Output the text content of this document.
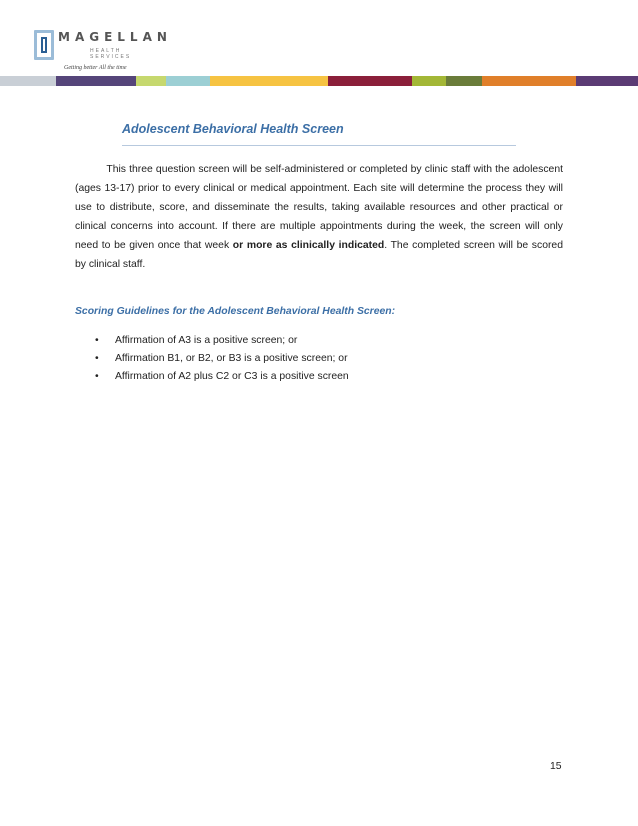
MAGELLAN
HEALTH SERVICES
Getting better All the time
Adolescent Behavioral Health Screen
This three question screen will be self-administered or completed by clinic staff with the adolescent (ages 13-17) prior to every clinical or medical appointment. Each site will determine the process they will use to distribute, score, and disseminate the results, taking available resources and other practical or clinical concerns into account. If there are multiple appointments during the week, the screen will only need to be given once that week or more as clinically indicated. The completed screen will be scored by clinical staff.
Scoring Guidelines for the Adolescent Behavioral Health Screen:
• Affirmation of A3 is a positive screen; or
• Affirmation B1, or B2, or B3 is a positive screen; or
• Affirmation of A2 plus C2 or C3 is a positive screen
15
